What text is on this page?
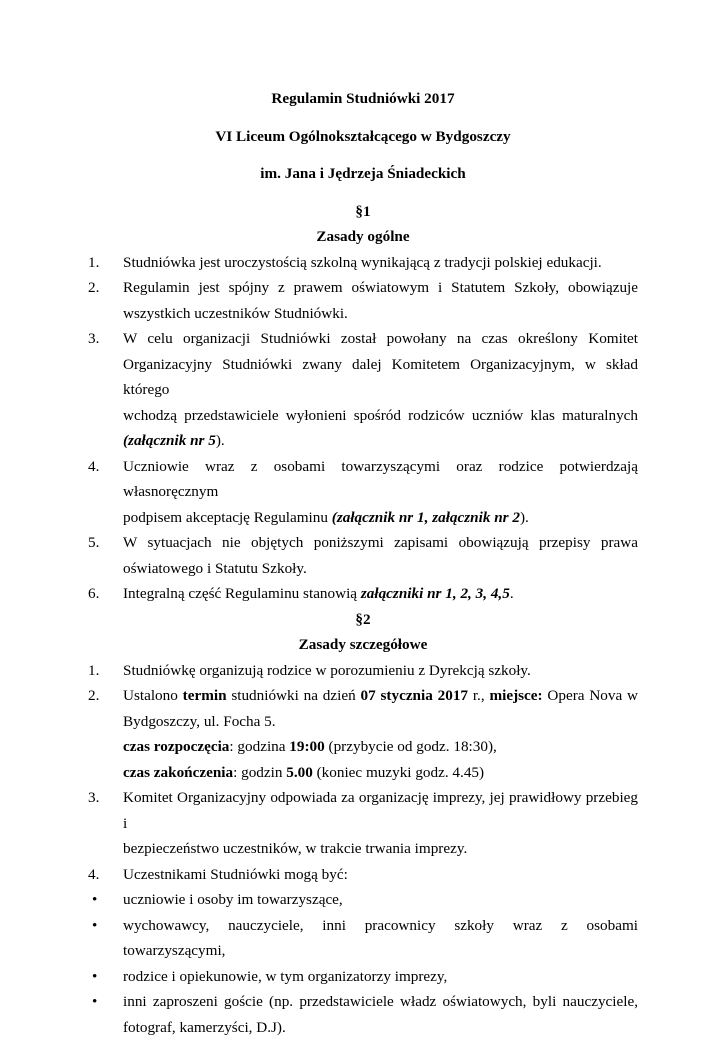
Regulamin Studniówki 2017

VI Liceum Ogólnokształcącego w Bydgoszczy

im. Jana i Jędrzeja Śniadeckich

§1
Zasady ogólne
1.	Studniówka jest uroczystością szkolną wynikającą z tradycji polskiej edukacji.
2.	Regulamin jest spójny z prawem oświatowym i Statutem Szkoły, obowiązuje
wszystkich uczestników Studniówki.
3.	W celu organizacji Studniówki został powołany na czas określony Komitet
Organizacyjny Studniówki zwany dalej Komitetem Organizacyjnym, w skład którego
wchodzą przedstawiciele wyłonieni spośród rodziców uczniów klas maturalnych
(załącznik nr 5).
4.	Uczniowie wraz z osobami towarzyszącymi oraz rodzice potwierdzają własnoręcznym
podpisem akceptację Regulaminu (załącznik nr 1, załącznik nr 2).
5.	W sytuacjach nie objętych poniższymi zapisami obowiązują przepisy prawa
oświatowego i Statutu Szkoły.
6.	Integralną część Regulaminu stanowią załączniki nr 1, 2, 3, 4,5.
§2
Zasady szczegółowe
1.	Studniówkę organizują rodzice w porozumieniu z Dyrekcją szkoły.
2.	Ustalono termin studniówki na dzień 07 stycznia 2017 r., miejsce: Opera Nova w
Bydgoszczy, ul. Focha 5.
czas rozpoczęcia: godzina 19:00 (przybycie od godz. 18:30),
czas zakończenia: godzin 5.00 (koniec muzyki godz. 4.45)
3.	Komitet Organizacyjny odpowiada za organizację imprezy, jej prawidłowy przebieg i
bezpieczeństwo uczestników, w trakcie trwania imprezy.
4.	Uczestnikami Studniówki mogą być:
• uczniowie i osoby im towarzyszące,
• wychowawcy, nauczyciele, inni pracownicy szkoły wraz z osobami towarzyszącymi,
• rodzice i opiekunowie, w tym organizatorzy imprezy,
• inni zaproszeni goście (np. przedstawiciele władz oświatowych, byli nauczyciele,
fotograf, kamerzyści, D.J).
